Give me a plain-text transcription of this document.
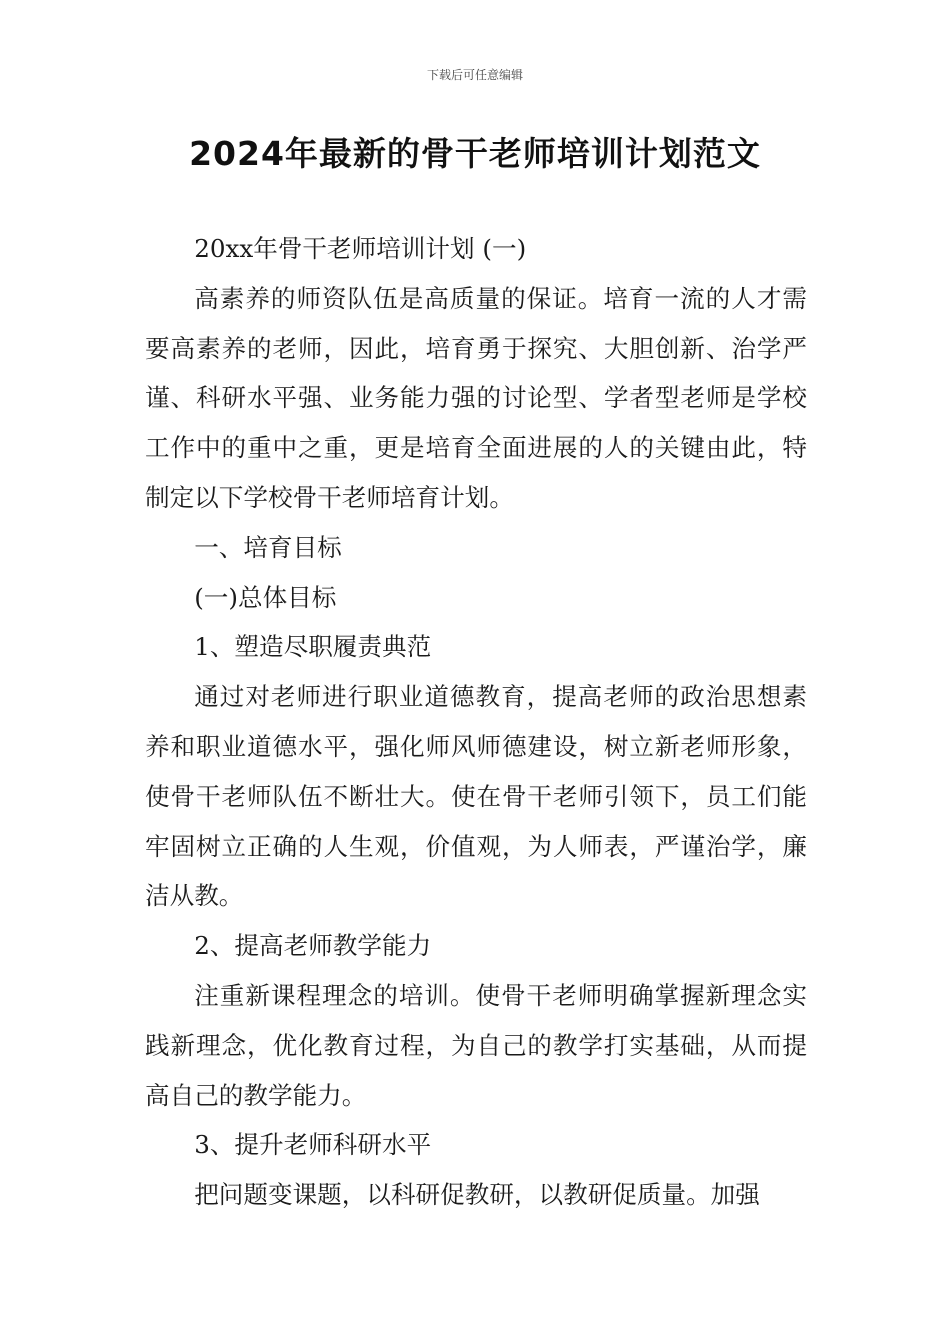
下载后可任意编辑
2024年最新的骨干老师培训计划范文

20xx年骨干老师培训计划 (一)

高素养的师资队伍是高质量的保证。培育一流的人才需要高素养的老师，因此，培育勇于探究、大胆创新、治学严谨、科研水平强、业务能力强的讨论型、学者型老师是学校工作中的重中之重，更是培育全面进展的人的关键由此，特制定以下学校骨干老师培育计划。

一、培育目标

(一)总体目标

1、塑造尽职履责典范

通过对老师进行职业道德教育，提高老师的政治思想素养和职业道德水平，强化师风师德建设，树立新老师形象，使骨干老师队伍不断壮大。使在骨干老师引领下，员工们能牢固树立正确的人生观，价值观，为人师表，严谨治学，廉洁从教。

2、提高老师教学能力

注重新课程理念的培训。使骨干老师明确掌握新理念实践新理念，优化教育过程，为自己的教学打实基础，从而提高自己的教学能力。

3、提升老师科研水平

把问题变课题，以科研促教研，以教研促质量。加强
